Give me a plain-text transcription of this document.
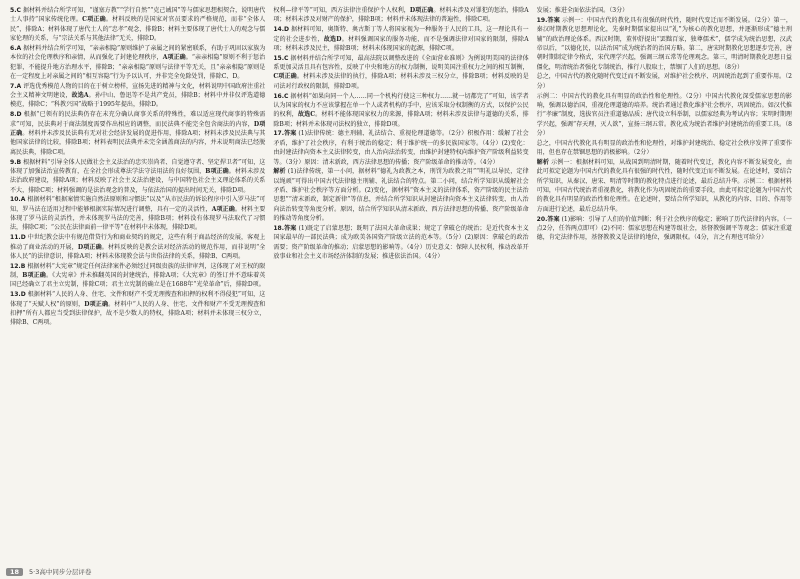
5.C 据材料并结合所学可知，“谨塞方教”“学行自然”“克己诫国”等与儒家思想相契合，说明唐代士人事持“国家传统伦理。C项正确。材料反映的是国家对官员要求的严格规范，而非“全体人民”，排除A；材料体现了唐代士人的“忠孝”观念，排除B；材料主要体现了唐代士人的观念与儒家伦理的关系，与“宗法关系与其他法律”无关，排除D。

6.A 据材料并结合所学可知，“亲亲相隐”原则维护了亲属之间的紧密联系，有助于巩固以家族为本位的社会伦理秩序和亲情，从而强化了封建伦理秩序，A项正确。“亲亲相隐”原则不利于惩治犯罪，不能提升地方治理水平，排除B；“亲亲相隐”原则与法律平等无关，且“亲亲相隐”原则是在一定程度上对亲属之间的“相互容隐”行为予以认可，并非完全免除处罚，排除C、D。

7.A 评选优秀模范人物的目的在于树立榜样，宣扬先进的精神与文化，材料说明中国政府注重社会主义精神文明建设，故选A。孙中山、鲁迅等不是共产党员，排除B；材料中并非仅评选道德模范，排除C；“科教兴国”战略于1995年提出，排除D。

8.D 根据“已领有的民法典仍存在未充分确认商事关系的特殊性，难以适应现代商事的特殊需求”可知，民法典对于商法制度需要作出相应的调整，而民法典不能完全包含商法的内容，D项正确。材料并未涉及民法典有无对社会经济发展的促进作用，排除A项；材料未涉及民法典与其他国家法律的比较，排除B项；材料表明民法典并未完全涵盖商法的内容，并未说明商法已经脱离民法典，排除C项。

9.B 根据材料“引导全体人民做社会主义法治的忠实崇尚者、自觉遵守者、坚定捍卫者”可知，这体现了加强法治宣传教育，在全社会形成尊法学法守法用法的良好氛围，B项正确。材料未涉及法治政府建设，排除A项；材料反映了社会主义法治建设，与中国特色社会主义理论体系的关系不大，排除C项；材料强调的是法治观念的普及，与依法治国的提出时间无关，排除D项。

10.A 根据材料“根据案情实施自然法原则和习惯法”以及“从市民法的诉讼程序中引入罗马法”可知，罗马法在适用过程中能够根据实际情况进行调整，具有一定的灵活性，A项正确。材料主要体现了罗马法的灵活性，并未体现罗马法的完善，排除B项；材料没有体现罗马法取代了习惯法，排除C项；“公民在法律面前一律平等”在材料中未体现，排除D项。

11.D 中世纪教会法中有规范借贷行为和商业契约的规定，这些有利于商品经济的发展，客观上推动了商业活动的开展，D项正确。材料反映的是教会法对经济活动的规范作用，而非说明“全体人民”的法律意识，排除A项；材料未体现教会法与世俗法律的关系，排除B、C两项。

12.B 根据材料“大宪章”规定任何法律案件必须经过同级贵族的法律审判，这体现了对王权的限制，B项正确。《大宪章》并未推翻英国的封建统治，排除A项；《大宪章》的签订并不意味着英国已经确立了君主立宪制，排除C项；君主立宪制的确立是在1688年“光荣革命”后，排除D项。

13.D 根据材料“人民的人身、住宅、文件和财产不受无理搜查和扣押的权利不得侵犯”可知，这体现了“天赋人权”的原则，D项正确。材料中“人民的人身、住宅、文件和财产不受无理搜查和扣押”所有人都应当受到法律保护，故不是少数人的特权，排除A项；材料并未体现三权分立，排除B、C两项。

权利—律平等”可知，西方法律注重保护个人权利，D项正确。材料未涉及对罪犯的惩治，排除A项；材料未涉及对财产的保护，排除B项；材料并未体现法律的普遍性，排除C项。

14.D 据材料可知，奥斯特、奥古斯丁等人将国家视为一种服务于人民的工具，这一理论具有一定的社会进步性，故选D。材料强调国家的服务功能，而不是强调法律对国家的限制，排除A项；材料未涉及民主，排除B项；材料未体现国家的起源，排除C项。

15.C 据材料并结合所学可知，最高法院以调整改进的《全面营业准则》为例说明美国的法律体系更加灵活且具有包容性，反映了中央和地方的权力制衡，说明美国注重权力之间的相互制衡，C项正确。材料未涉及法律的执行，排除A项；材料未涉及三权分立，排除B项；材料反映的是司法对行政权的限制，排除D项。

16.C 据材料“如果向同一个人……同一个机构行使这三种权力……就一切都完了”可知，该学者认为国家的权力不应该掌握在单一个人或者机构的手中，应该采取分权制衡的方式，以保护公民的权利，故选C。材料不能体现国家权力的来源，排除A项；材料未涉及法律与道德的关系，排除B项；材料并未体现司法权的独立，排除D项。

17.答案 (1)法律传统：德主刑辅、礼法结合、重视伦理道德等。（2分）积极作用：缓解了社会矛盾，维护了社会秩序，有利于统治的稳定；利于维护统一的多民族国家等。（4分）(2)变化：由封建法律向资本主义法律转变，由人治向法治转变，由维护封建特权向维护资产阶级利益转变等。（3分）原因：清末新政，西方法律思想的传播；资产阶级革命的推动等。（4分）

解析 (1)法律传统，第一小问，据材料“德礼为政教之本，刑罚为政教之用”“明礼以导民，定律以绳顽”可得出中国古代法律德主刑辅、礼法结合的特点。第二小问，结合所学知识从缓解社会矛盾、维护社会秩序等方面分析。(2)变化，据材料“资本主义的法律体系，资产阶级的民主法治思想”“清末新政，制定新律”等信息，并结合所学知识从封建法律向资本主义法律转变、由人治向法治转变等角度分析。原因，结合所学知识从清末新政、西方法律思想的传播、资产阶级革命的推动等角度分析。

18.答案 (1)既定了启蒙思想；既明了法国大革命成果；规定了拿破仑的统治；是近代资本主义国家最早的一部民法典；成为欧美各国资产阶级立法的范本等。（5分）(2)原因：拿破仑的政治需要；资产阶级革命的推动；启蒙思想的影响等。（4分）历史意义：保障人民权利，推动改革开放事业和社会主义市场经济体制的发展；推进依法治国。（4分）

发展；推进全面依法治国。（3分）

19.答案 示例一：中国古代的教化具有很强的时代性，随时代变迁而不断发展。（2分）第一，秦汉时期教化思想理论化，先秦时期儒家提出以“礼”为核心的教化思想，并逐渐形成“德主刑辅”的政治理论体系。西汉时期，董仲舒提出“罢黜百家，独尊儒术”，儒学成为统治思想，汉武帝以后，“以德化民，以法治国”成为统治者的治国方略。第二，唐宋时期教化思想逐步完善，唐朝时期制定律令格式，宋代理学兴起，强调三纲五常等伦理观念。第三，明清时期教化思想日益僵化，明清统治者强化专制统治，推行八股取士，禁锢了人们的思想。（8分）

总之，中国古代的教化随时代变迁而不断发展，对维护社会秩序、巩固统治起到了重要作用。（2分）

示例二：中国古代的教化具有明显的政治性和伦理性。（2分）中国古代教化深受儒家思想的影响，强调以德治国，重视伦理道德的培养。统治者通过教化维护社会秩序，巩固统治。如汉代推行“孝廉”制度，选拔官员注重道德品质；唐代设立科举制，以儒家经典为考试内容；宋明时期理学兴起，强调“存天理，灭人欲”，宣扬三纲五常。教化成为统治者维护封建统治的重要工具。（8分）

总之，中国古代教化具有明显的政治性和伦理性，对维护封建统治、稳定社会秩序发挥了重要作用，但也存在禁锢思想的消极影响。（2分）

解析 示例一：根据材料可知，从战国到明清时期，随着时代变迁，教化内容不断发展变化，由此可拟定论题为中国古代的教化具有很强的时代性，随时代变迁而不断发展。在论述时，要结合所学知识，从秦汉、唐宋、明清等时期的教化特点进行论述，最后总结升华。示例二：根据材料可知，中国古代统治者重视教化，将教化作为巩固统治的重要手段，由此可拟定论题为中国古代的教化具有明显的政治性和伦理性。在论述时，要结合所学知识，从教化的内容、目的、作用等方面进行论述，最后总结升华。

20.答案 (1)影响：引导了人们的价值判断；利于社会秩序的稳定；影响了历代法律的内容。（一点2分，任答两点即可）(2)不同：儒家思想在构建等级社会，基督教强调平等观念；儒家注重道德，肯定法律作用，基督教教义是法律的地位，强调限权。（4分，言之有理也可给分）

18	5·3高中同步分层评卷
